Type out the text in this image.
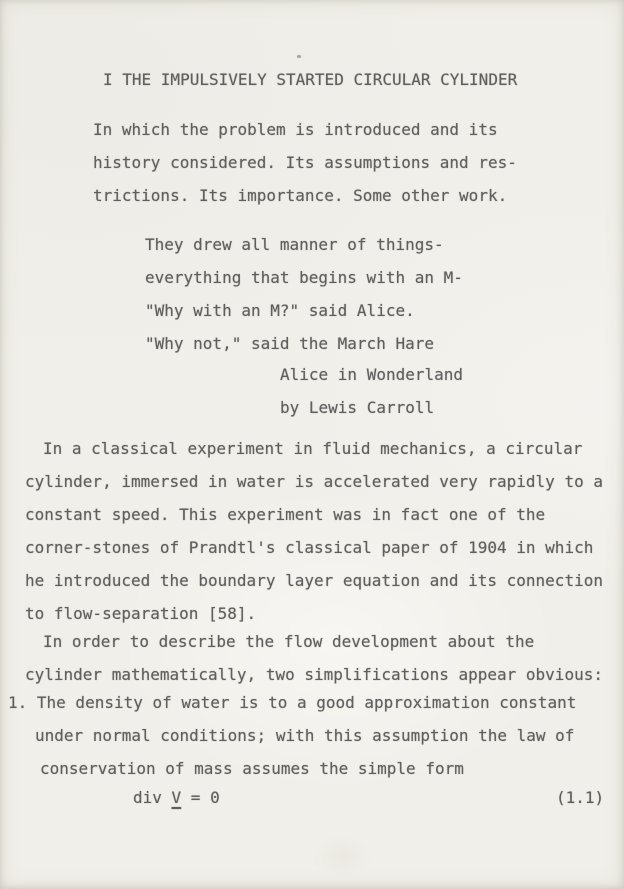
I THE IMPULSIVELY STARTED CIRCULAR CYLINDER
In which the problem is introduced and its
history considered. Its assumptions and res-
trictions. Its importance. Some other work.
They drew all manner of things-
everything that begins with an M-
"Why with an M?" said Alice.
"Why not," said the March Hare
Alice in Wonderland
by Lewis Carroll
In a classical experiment in fluid mechanics, a circular
cylinder, immersed in water is accelerated very rapidly to a
constant speed. This experiment was in fact one of the
corner-stones of Prandtl's classical paper of 1904 in which
he introduced the boundary layer equation and its connection
to flow-separation [58].
In order to describe the flow development about the
cylinder mathematically, two simplifications appear obvious:
1. The density of water is to a good approximation constant
under normal conditions; with this assumption the law of
conservation of mass assumes the simple form
div V = 0	(1.1)
